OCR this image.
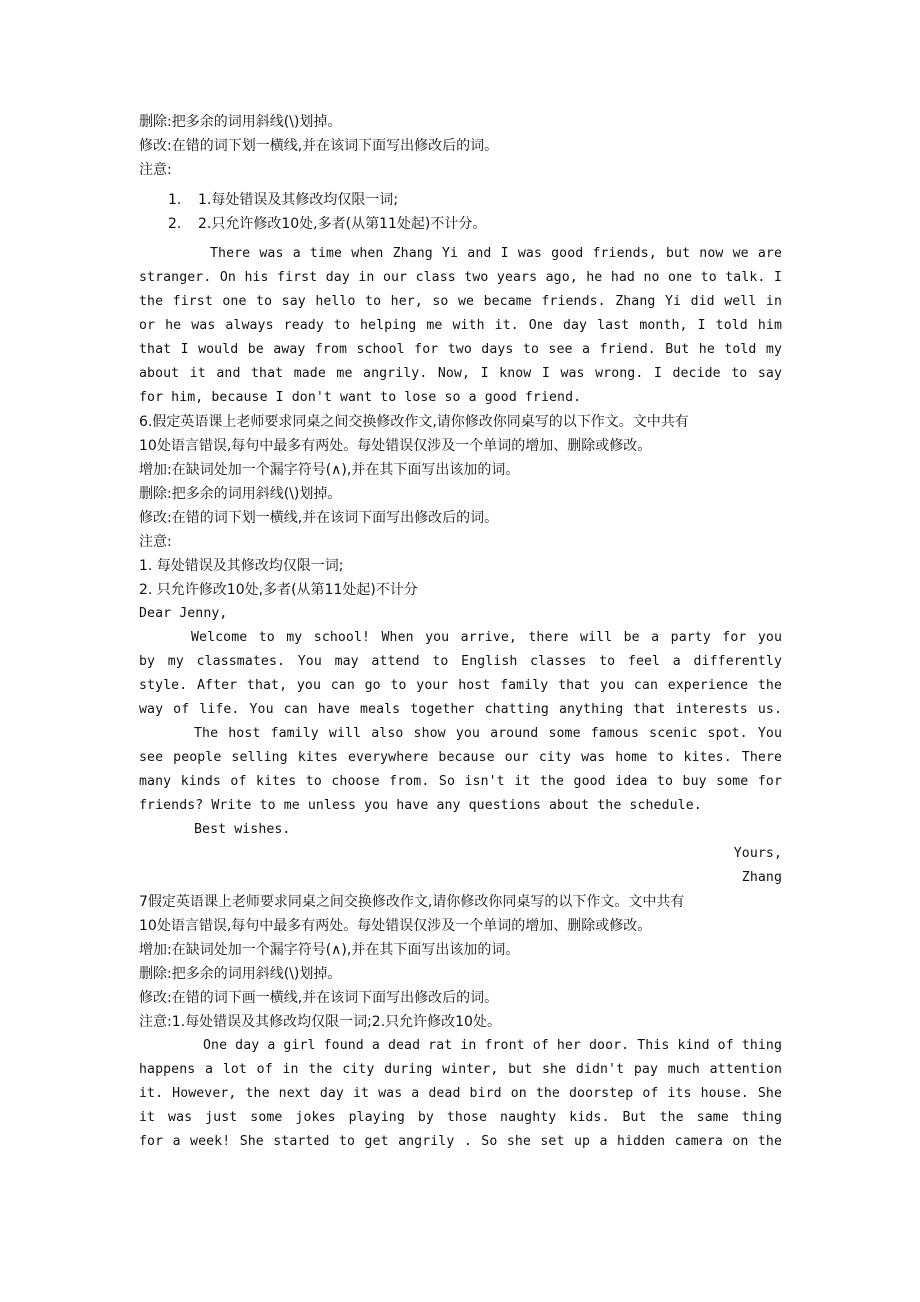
删除:把多余的词用斜线(\)划掉。
修改:在错的词下划一横线,并在该词下面写出修改后的词。
注意:
1.	1.每处错误及其修改均仅限一词;
2.	2.只允许修改10处,多者(从第11处起)不计分。
There was a time when Zhang Yi and I was good friends, but now we are
stranger. On his first day in our class two years ago, he had no one to talk. I
the first one to say hello to her, so we became friends. Zhang Yi did well in
or he was always ready to helping me with it. One day last month, I told him
that I would be away from school for two days to see a friend. But he told my
about it and that made me angrily. Now, I know I was wrong. I decide to say
for him, because I don't want to lose so a good friend.
6.假定英语课上老师要求同桌之间交换修改作文,请你修改你同桌写的以下作文。文中共有
10处语言错误,每句中最多有两处。每处错误仅涉及一个单词的增加、删除或修改。
增加:在缺词处加一个漏字符号(∧),并在其下面写出该加的词。
删除:把多余的词用斜线(\)划掉。
修改:在错的词下划一横线,并在该词下面写出修改后的词。
注意:
1. 每处错误及其修改均仅限一词;
2. 只允许修改10处,多者(从第11处起)不计分
Dear Jenny,
Welcome to my school! When you arrive, there will be a party for you
by my classmates. You may attend to English classes to feel a differently
style. After that, you can go to your host family that you can experience the
way of life. You can have meals together chatting anything that interests us.
The host family will also show you around some famous scenic spot. You
see people selling kites everywhere because our city was home to kites. There
many kinds of kites to choose from. So isn't it the good idea to buy some for
friends? Write to me unless you have any questions about the schedule.
Best wishes.
Yours,
Zhang
7假定英语课上老师要求同桌之间交换修改作文,请你修改你同桌写的以下作文。文中共有
10处语言错误,每句中最多有两处。每处错误仅涉及一个单词的增加、删除或修改。
增加:在缺词处加一个漏字符号(∧),并在其下面写出该加的词。
删除:把多余的词用斜线(\)划掉。
修改:在错的词下画一横线,并在该词下面写出修改后的词。
注意:1.每处错误及其修改均仅限一词;2.只允许修改10处。
One day a girl found a dead rat in front of her door. This kind of thing
happens a lot of in the city during winter, but she didn't pay much attention
it. However, the next day it was a dead bird on the doorstep of its house. She
it was just some jokes playing by those naughty kids. But the same thing
for a week! She started to get angrily . So she set up a hidden camera on the
